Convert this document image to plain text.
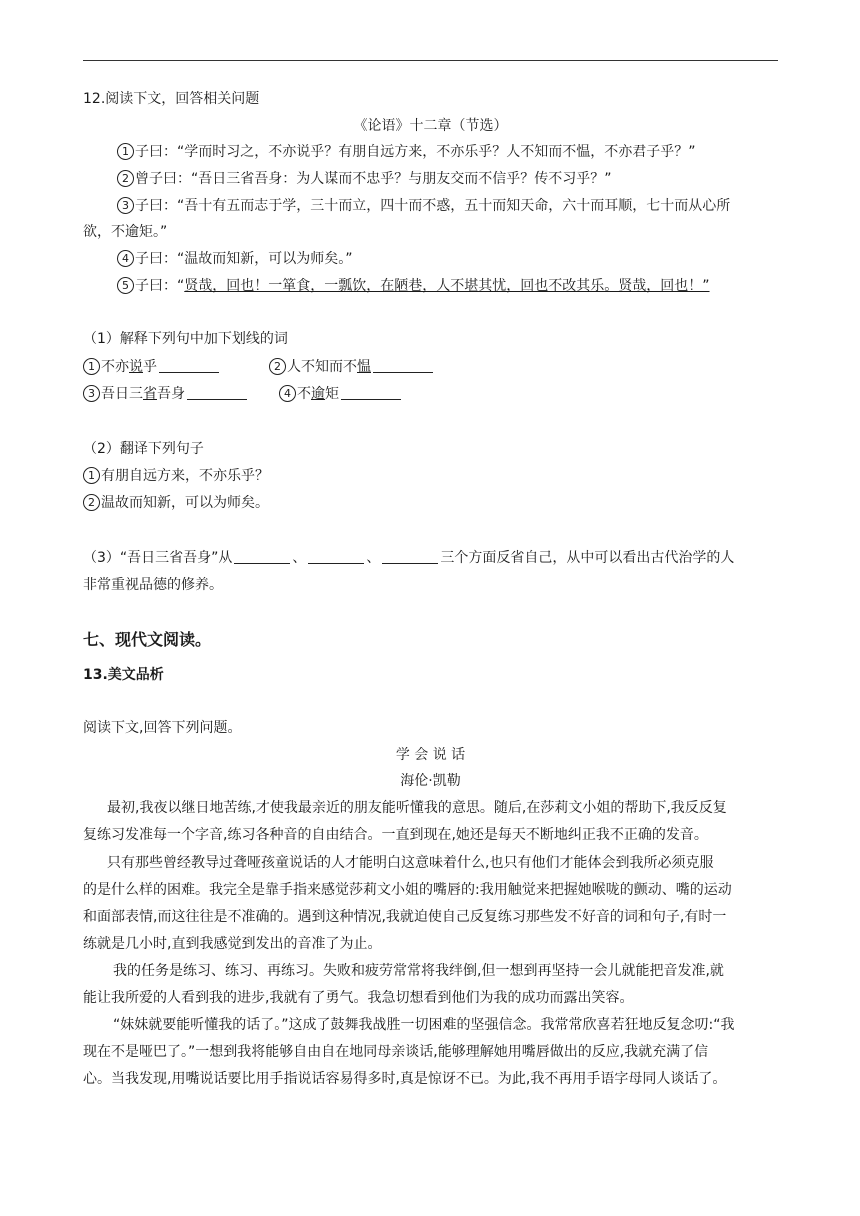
12.阅读下文，回答相关问题
《论语》十二章（节选）
1 子曰：“学而时习之，不亦说乎？有朋自远方来，不亦乐乎？人不知而不愠，不亦君子乎？”
2 曾子曰：“吾日三省吾身：为人谋而不忠乎？与朋友交而不信乎？传不习乎？”
3 子曰：“吾十有五而志于学，三十而立，四十而不惑，五十而知天命，六十而耳顺，七十而从心所
欲，不逾矩。”
4 子曰：“温故而知新，可以为师矣。”
5 子曰：“贤哉，回也！一箪食，一瓢饮，在陋巷，人不堪其忧，回也不改其乐。贤哉，回也！”
（1）解释下列句中加下划线的词
1 不亦说乎	2 人不知而不愠
3 吾日三省吾身	4 不逾矩
（2）翻译下列句子
1 有朋自远方来，不亦乐乎？
2 温故而知新，可以为师矣。
（3）“吾日三省吾身”从	、	、	三个方面反省自己，从中可以看出古代治学的人
非常重视品德的修养。
七、现代文阅读。
13.美文品析
阅读下文,回答下列问题。
学 会 说 话
海伦·凯勒
最初,我夜以继日地苦练,才使我最亲近的朋友能听懂我的意思。随后,在莎莉文小姐的帮助下,我反反复
复练习发准每一个字音,练习各种音的自由结合。一直到现在,她还是每天不断地纠正我不正确的发音。
只有那些曾经教导过聋哑孩童说话的人才能明白这意味着什么,也只有他们才能体会到我所必须克服
的是什么样的困难。我完全是靠手指来感觉莎莉文小姐的嘴唇的:我用触觉来把握她喉咙的颤动、嘴的运动
和面部表情,而这往往是不准确的。遇到这种情况,我就迫使自己反复练习那些发不好音的词和句子,有时一
练就是几小时,直到我感觉到发出的音准了为止。
我的任务是练习、练习、再练习。失败和疲劳常常将我绊倒,但一想到再坚持一会儿就能把音发准,就
能让我所爱的人看到我的进步,我就有了勇气。我急切想看到他们为我的成功而露出笑容。
“妹妹就要能听懂我的话了。”这成了鼓舞我战胜一切困难的坚强信念。我常常欣喜若狂地反复念叨:“我
现在不是哑巴了。”一想到我将能够自由自在地同母亲谈话,能够理解她用嘴唇做出的反应,我就充满了信
心。当我发现,用嘴说话要比用手指说话容易得多时,真是惊讶不已。为此,我不再用手语字母同人谈话了。
